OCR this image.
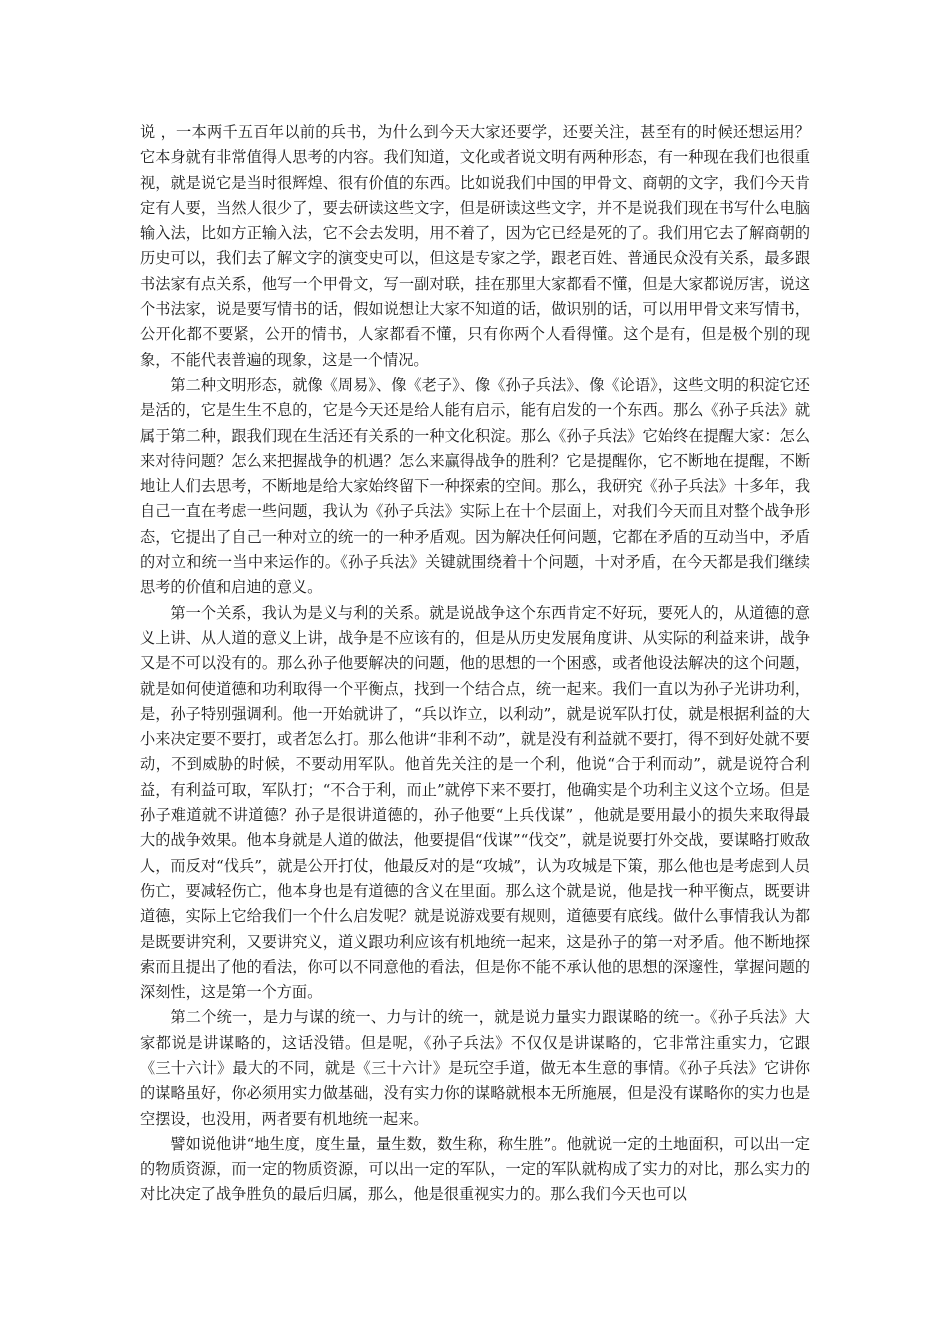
说 ，一本两千五百年以前的兵书，为什么到今天大家还要学，还要关注，甚至有的时候还想运用？它本身就有非常值得人思考的内容。我们知道，文化或者说文明有两种形态，有一种现在我们也很重视，就是说它是当时很辉煌、很有价值的东西。比如说我们中国的甲骨文、商朝的文字，我们今天肯定有人要，当然人很少了，要去研读这些文字，但是研读这些文字，并不是说我们现在书写什么电脑输入法，比如方正输入法，它不会去发明，用不着了，因为它已经是死的了。我们用它去了解商朝的历史可以，我们去了解文字的演变史可以，但这是专家之学，跟老百姓、普通民众没有关系，最多跟书法家有点关系，他写一个甲骨文，写一副对联，挂在那里大家都看不懂，但是大家都说厉害，说这个书法家，说是要写情书的话，假如说想让大家不知道的话，做识别的话，可以用甲骨文来写情书，公开化都不要紧，公开的情书，人家都看不懂，只有你两个人看得懂。这个是有，但是极个别的现象，不能代表普遍的现象，这是一个情况。

第二种文明形态，就像《周易》、像《老子》、像《孙子兵法》、像《论语》，这些文明的积淀它还是活的，它是生生不息的，它是今天还是给人能有启示，能有启发的一个东西。那么《孙子兵法》就属于第二种，跟我们现在生活还有关系的一种文化积淀。那么《孙子兵法》它始终在提醒大家：怎么来对待问题？怎么来把握战争的机遇？怎么来赢得战争的胜利？它是提醒你，它不断地在提醒，不断地让人们去思考，不断地是给大家始终留下一种探索的空间。那么，我研究《孙子兵法》十多年，我自己一直在考虑一些问题，我认为《孙子兵法》实际上在十个层面上，对我们今天而且对整个战争形态，它提出了自己一种对立的统一的一种矛盾观。因为解决任何问题，它都在矛盾的互动当中，矛盾的对立和统一当中来运作的。《孙子兵法》关键就围绕着十个问题，十对矛盾，在今天都是我们继续思考的价值和启迪的意义。

第一个关系，我认为是义与利的关系。就是说战争这个东西肯定不好玩，要死人的，从道德的意义上讲、从人道的意义上讲，战争是不应该有的，但是从历史发展角度讲、从实际的利益来讲，战争又是不可以没有的。那么孙子他要解决的问题，他的思想的一个困惑，或者他设法解决的这个问题，就是如何使道德和功利取得一个平衡点，找到一个结合点，统一起来。我们一直以为孙子光讲功利，是，孙子特别强调利。他一开始就讲了，“兵以诈立，以利动”，就是说军队打仗，就是根据利益的大小来决定要不要打，或者怎么打。那么他讲“非利不动”，就是没有利益就不要打，得不到好处就不要动，不到威胁的时候，不要动用军队。他首先关注的是一个利，他说“合于利而动”，就是说符合利益，有利益可取，军队打；“不合于利，而止”就停下来不要打，他确实是个功利主义这个立场。但是孙子难道就不讲道德？孙子是很讲道德的，孙子他要“上兵伐谋” ，他就是要用最小的损失来取得最大的战争效果。他本身就是人道的做法，他要提倡“伐谋”“伐交”，就是说要打外交战，要谋略打败敌人，而反对“伐兵”，就是公开打仗，他最反对的是“攻城”，认为攻城是下策，那么他也是考虑到人员伤亡，要减轻伤亡，他本身也是有道德的含义在里面。那么这个就是说，他是找一种平衡点，既要讲道德，实际上它给我们一个什么启发呢？就是说游戏要有规则，道德要有底线。做什么事情我认为都是既要讲究利，又要讲究义，道义跟功利应该有机地统一起来，这是孙子的第一对矛盾。他不断地探索而且提出了他的看法，你可以不同意他的看法，但是你不能不承认他的思想的深邃性，掌握问题的深刻性，这是第一个方面。

第二个统一，是力与谋的统一、力与计的统一，就是说力量实力跟谋略的统一。《孙子兵法》大家都说是讲谋略的，这话没错。但是呢，《孙子兵法》不仅仅是讲谋略的，它非常注重实力，它跟《三十六计》最大的不同，就是《三十六计》是玩空手道，做无本生意的事情。《孙子兵法》它讲你的谋略虽好，你必须用实力做基础，没有实力你的谋略就根本无所施展，但是没有谋略你的实力也是空摆设，也没用，两者要有机地统一起来。

譬如说他讲“地生度，度生量，量生数，数生称，称生胜”。他就说一定的土地面积，可以出一定的物质资源，而一定的物质资源，可以出一定的军队，一定的军队就构成了实力的对比，那么实力的对比决定了战争胜负的最后归属，那么，他是很重视实力的。那么我们今天也可以
